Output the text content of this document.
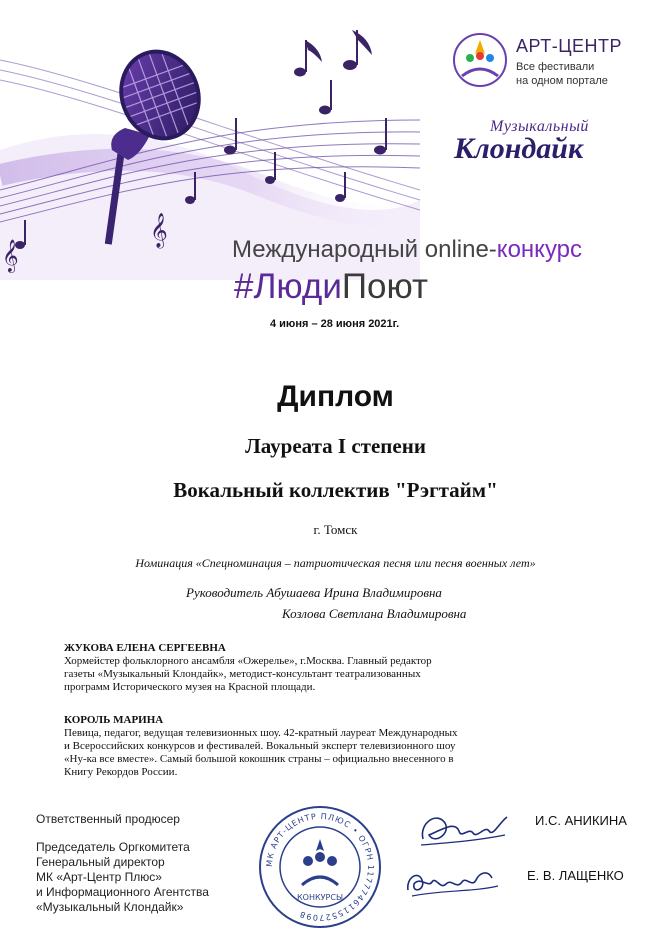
𝄞
𝄞
АРТ-ЦЕНТР
Все фестивали
на одном портале
Музыкальный
Клондайк
Международный online-конкурс
#ЛюдиПоют
4 июня – 28 июня 2021г.
Диплом
Лауреата I степени
Вокальный коллектив "Рэгтайм"
г. Томск
Номинация «Спецноминация – патриотическая песня или песня военных лет»
Руководитель Абушаева Ирина Владимировна
Козлова Светлана Владимировна
ЖУКОВА ЕЛЕНА СЕРГЕЕВНА
Хормейстер фольклорного ансамбля «Ожерелье», г.Москва. Главный редактор
газеты «Музыкальный Клондайк», методист-консультант театрализованных
программ Исторического музея на Красной площади.
КОРОЛЬ МАРИНА
Певица, педагог, ведущая телевизионных шоу. 42-кратный лауреат Международных
и Всероссийских конкурсов и фестивалей. Вокальный эксперт телевизионного шоу
«Ну-ка все вместе». Самый большой кокошник страны – официально внесенного в
Книгу Рекордов России.
Ответственный продюсер
Председатель Оргкомитета
Генеральный директор
МК «Арт-Центр Плюс»
и Информационного Агентства
«Музыкальный Клондайк»
И.С. АНИКИНА
Е. В. ЛАЩЕНКО
МК АРТ-ЦЕНТР ПЛЮС • ОГРН 1177746115527098
КОНКУРСЫ
